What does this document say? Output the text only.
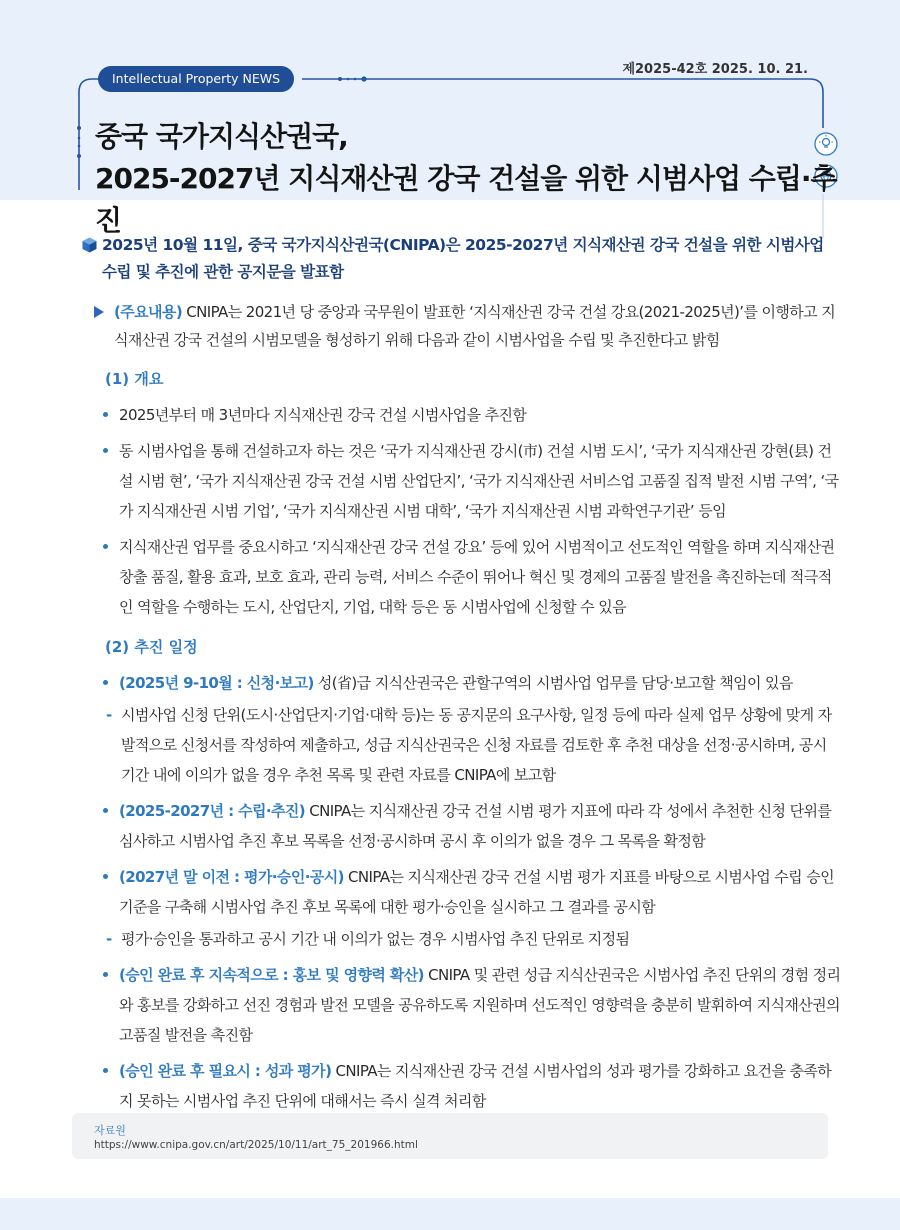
제2025-42호 2025. 10. 21.
Intellectual Property NEWS
중국 국가지식산권국,
2025-2027년 지식재산권 강국 건설을 위한 시범사업 수립·추진
2025년 10월 11일, 중국 국가지식산권국(CNIPA)은 2025-2027년 지식재산권 강국 건설을 위한 시범사업
수립 및 추진에 관한 공지문을 발표함
(주요내용) CNIPA는 2021년 당 중앙과 국무원이 발표한 ‘지식재산권 강국 건설 강요(2021-2025년)’를 이행하고 지식재산권 강국 건설의 시범모델을 형성하기 위해 다음과 같이 시범사업을 수립 및 추진한다고 밝힘
(1) 개요
2025년부터 매 3년마다 지식재산권 강국 건설 시범사업을 추진함
동 시범사업을 통해 건설하고자 하는 것은 ‘국가 지식재산권 강시(市) 건설 시범 도시’, ‘국가 지식재산권 강현(县) 건설 시범 현’, ‘국가 지식재산권 강국 건설 시범 산업단지’, ‘국가 지식재산권 서비스업 고품질 집적 발전 시범 구역’, ‘국가 지식재산권 시범 기업’, ‘국가 지식재산권 시범 대학’, ‘국가 지식재산권 시범 과학연구기관’ 등임
지식재산권 업무를 중요시하고 ‘지식재산권 강국 건설 강요’ 등에 있어 시범적이고 선도적인 역할을 하며 지식재산권 창출 품질, 활용 효과, 보호 효과, 관리 능력, 서비스 수준이 뛰어나 혁신 및 경제의 고품질 발전을 촉진하는데 적극적인 역할을 수행하는 도시, 산업단지, 기업, 대학 등은 동 시범사업에 신청할 수 있음
(2) 추진 일정
(2025년 9-10월 : 신청·보고) 성(省)급 지식산권국은 관할구역의 시범사업 업무를 담당·보고할 책임이 있음
- 시범사업 신청 단위(도시·산업단지·기업·대학 등)는 동 공지문의 요구사항, 일정 등에 따라 실제 업무 상황에 맞게 자발적으로 신청서를 작성하여 제출하고, 성급 지식산권국은 신청 자료를 검토한 후 추천 대상을 선정·공시하며, 공시 기간 내에 이의가 없을 경우 추천 목록 및 관련 자료를 CNIPA에 보고함
(2025-2027년 : 수립·추진) CNIPA는 지식재산권 강국 건설 시범 평가 지표에 따라 각 성에서 추천한 신청 단위를 심사하고 시범사업 추진 후보 목록을 선정·공시하며 공시 후 이의가 없을 경우 그 목록을 확정함
(2027년 말 이전 : 평가·승인·공시) CNIPA는 지식재산권 강국 건설 시범 평가 지표를 바탕으로 시범사업 수립 승인 기준을 구축해 시범사업 추진 후보 목록에 대한 평가·승인을 실시하고 그 결과를 공시함
- 평가·승인을 통과하고 공시 기간 내 이의가 없는 경우 시범사업 추진 단위로 지정됨
(승인 완료 후 지속적으로 : 홍보 및 영향력 확산) CNIPA 및 관련 성급 지식산권국은 시범사업 추진 단위의 경험 정리와 홍보를 강화하고 선진 경험과 발전 모델을 공유하도록 지원하며 선도적인 영향력을 충분히 발휘하여 지식재산권의 고품질 발전을 촉진함
(승인 완료 후 필요시 : 성과 평가) CNIPA는 지식재산권 강국 건설 시범사업의 성과 평가를 강화하고 요건을 충족하지 못하는 시범사업 추진 단위에 대해서는 즉시 실격 처리함
자료원
https://www.cnipa.gov.cn/art/2025/10/11/art_75_201966.html
